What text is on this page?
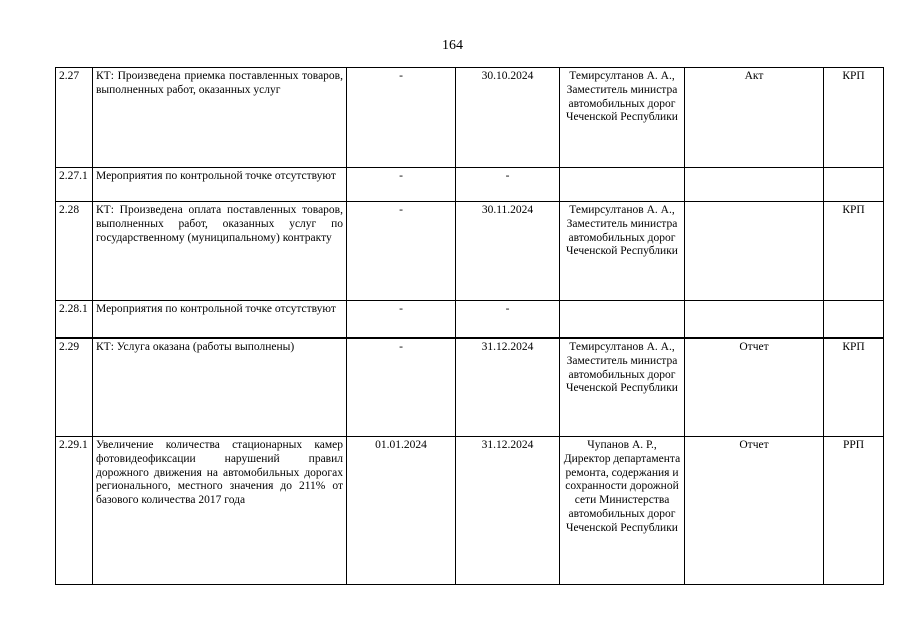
164
2.27	КТ: Произведена приемка поставленных товаров, выполненных работ, оказанных услуг	-	30.10.2024	Темирсултанов А. А., Заместитель министра автомобильных дорог Чеченской Республики	Акт	КРП
2.27.1	Мероприятия по контрольной точке отсутствуют	-	-			
2.28	КТ: Произведена оплата поставленных товаров, выполненных работ, оказанных услуг по государственному (муниципальному) контракту	-	30.11.2024	Темирсултанов А. А., Заместитель министра автомобильных дорог Чеченской Республики		КРП
2.28.1	Мероприятия по контрольной точке отсутствуют	-	-			
2.29	КТ: Услуга оказана (работы выполнены)	-	31.12.2024	Темирсултанов А. А., Заместитель министра автомобильных дорог Чеченской Республики	Отчет	КРП
2.29.1	Увеличение количества стационарных камер фотовидеофиксации нарушений правил дорожного движения на автомобильных дорогах регионального, местного значения до 211% от базового количества 2017 года	01.01.2024	31.12.2024	Чупанов А. Р., Директор департамента ремонта, содержания и сохранности дорожной сети Министерства автомобильных дорог Чеченской Республики	Отчет	РРП
